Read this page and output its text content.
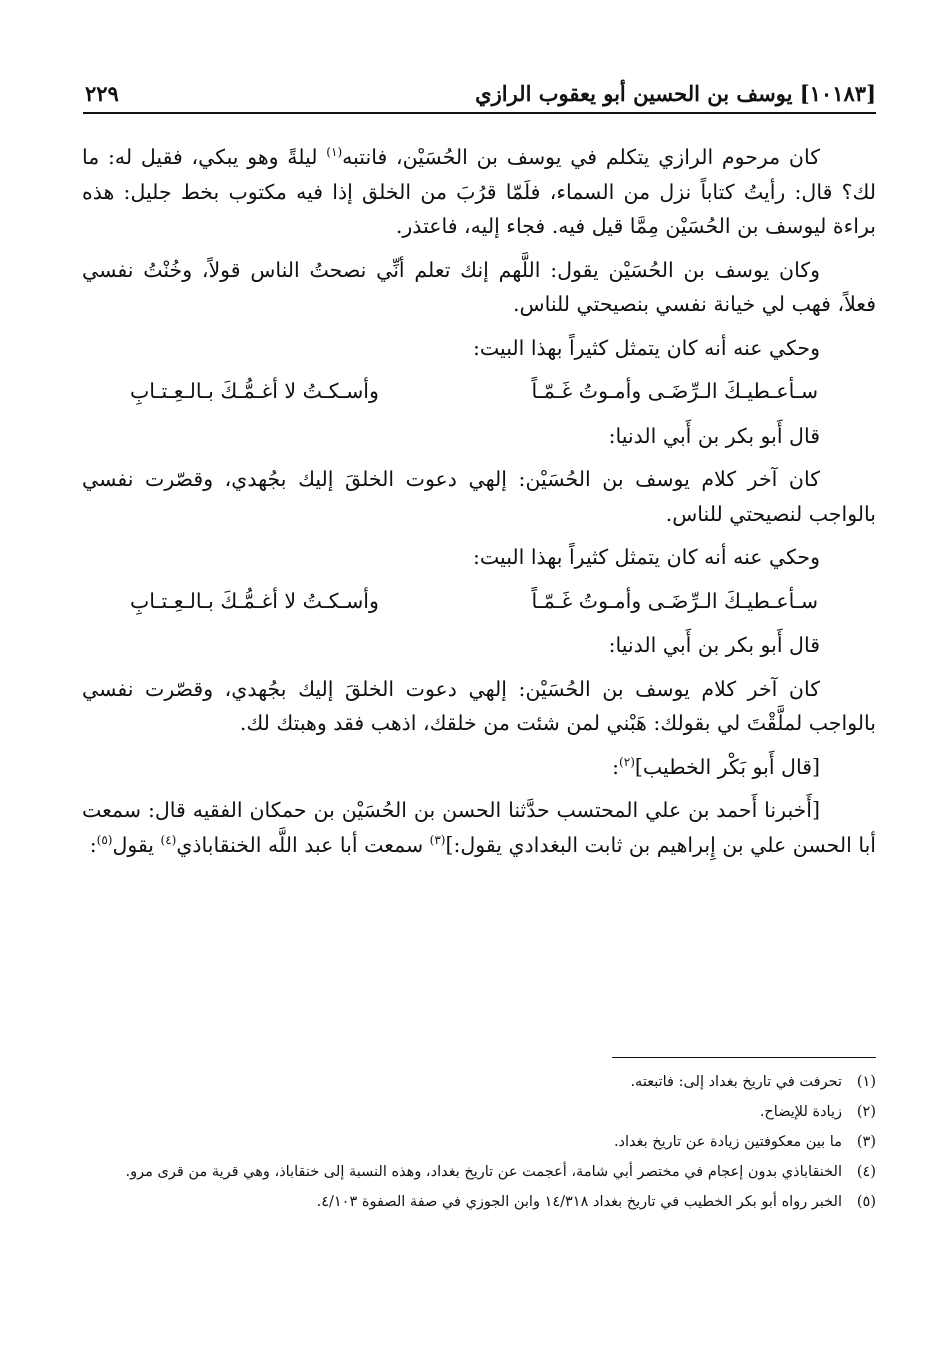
[١٠١٨٣] يوسف بن الحسين أبو يعقوب الرازي
٢٢٩

كان مرحوم الرازي يتكلم في يوسف بن الحُسَيْن، فانتبه$^{(١)}$ ليلةً وهو يبكي، فقيل له: ما لك؟ قال: رأيتُ كتاباً نزل من السماء، فلَمّا قرُبَ من الخلق إذا فيه مكتوب بخط جليل: هذه براءة ليوسف بن الحُسَيْن مِمَّا قيل فيه. فجاء إليه، فاعتذر.

وكان يوسف بن الحُسَيْن يقول: اللَّهم إنك تعلم أنِّي نصحتُ الناس قولاً، وخُنْتُ نفسي فعلاً، فهب لي خيانة نفسي بنصيحتي للناس.

وحكي عنه أنه كان يتمثل كثيراً بهذا البيت:

سـأعـطيـكَ الـرِّضَـى وأمـوتُ غَـمّـاً
وأسـكـتُ لا أغـمُّـكَ بـالـعِـتـابِ

قال أَبو بكر بن أَبي الدنيا:

كان آخر كلام يوسف بن الحُسَيْن: إلهي دعوت الخلقَ إليك بجُهدي، وقصّرت نفسي بالواجب لنصيحتي للناس.

وحكي عنه أنه كان يتمثل كثيراً بهذا البيت:

سـأعـطيـكَ الـرِّضَـى وأمـوتُ غَـمّـاً
وأسـكـتُ لا أغـمُّـكَ بـالـعِـتـابِ

قال أَبو بكر بن أَبي الدنيا:

كان آخر كلام يوسف بن الحُسَيْن: إلهي دعوت الخلقَ إليك بجُهدي، وقصّرت نفسي بالواجب لملَّقْتَ لي بقولك: هَبْني لمن شئت من خلقك، اذهب فقد وهبتك لك.

[قال أَبو بَكْر الخطيب]$^{(٢)}$:

[أَخبرنا أَحمد بن علي المحتسب حدَّثنا الحسن بن الحُسَيْن بن حمكان الفقيه قال: سمعت أبا الحسن علي بن إِبراهيم بن ثابت البغدادي يقول:]$^{(٣)}$ سمعت أبا عبد اللَّه الخنقاباذي$^{(٤)}$ يقول$^{(٥)}$:

(١)
تحرفت في تاريخ بغداد إلى: فاتبعته.
(٢)
زيادة للإيضاح.
(٣)
ما بين معكوفتين زيادة عن تاريخ بغداد.
(٤)
الخنقاباذي بدون إعجام في مختصر أبي شامة، أعجمت عن تاريخ بغداد، وهذه النسبة إلى خنقاباذ، وهي قرية من قرى مرو.
(٥)
الخبر رواه أبو بكر الخطيب في تاريخ بغداد ١٤/٣١٨ وابن الجوزي في صفة الصفوة ٤/١٠٣.
